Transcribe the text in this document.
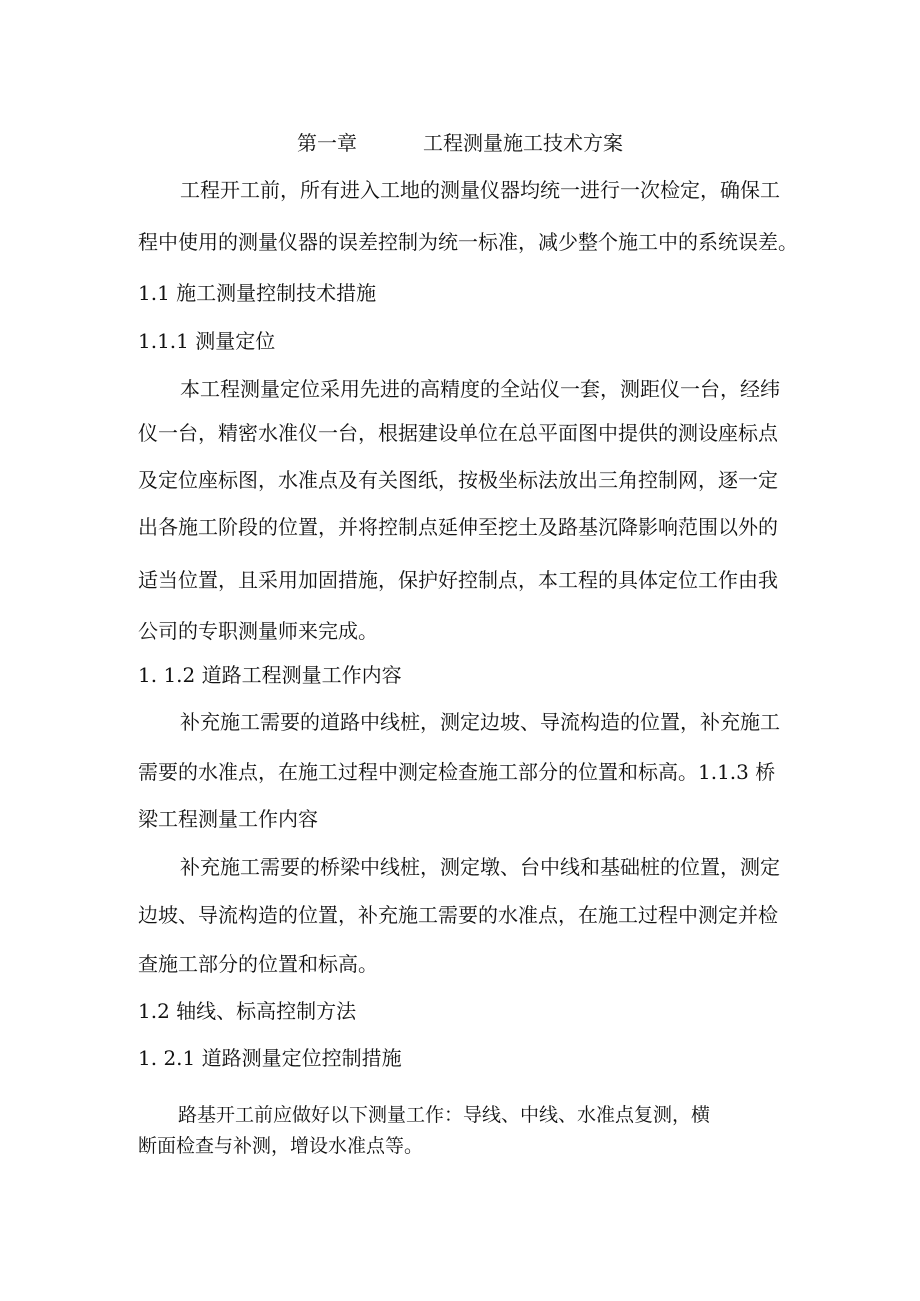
第一章	工程测量施工技术方案
工程开工前，所有进入工地的测量仪器均统一进行一次检定，确保工
程中使用的测量仪器的误差控制为统一标准，减少整个施工中的系统误差。
1.1 施工测量控制技术措施
1.1.1 测量定位
本工程测量定位采用先进的高精度的全站仪一套，测距仪一台，经纬
仪一台，精密水准仪一台，根据建设单位在总平面图中提供的测设座标点
及定位座标图，水准点及有关图纸，按极坐标法放出三角控制网，逐一定
出各施工阶段的位置，并将控制点延伸至挖土及路基沉降影响范围以外的
适当位置，且采用加固措施，保护好控制点，本工程的具体定位工作由我
公司的专职测量师来完成。
1. 1.2 道路工程测量工作内容
补充施工需要的道路中线桩，测定边坡、导流构造的位置，补充施工
需要的水准点，在施工过程中测定检查施工部分的位置和标高。1.1.3 桥
梁工程测量工作内容
补充施工需要的桥梁中线桩，测定墩、台中线和基础桩的位置，测定
边坡、导流构造的位置，补充施工需要的水准点，在施工过程中测定并检
查施工部分的位置和标高。
1.2 轴线、标高控制方法
1. 2.1 道路测量定位控制措施
路基开工前应做好以下测量工作：导线、中线、水准点复测，横
断面检查与补测，增设水准点等。
